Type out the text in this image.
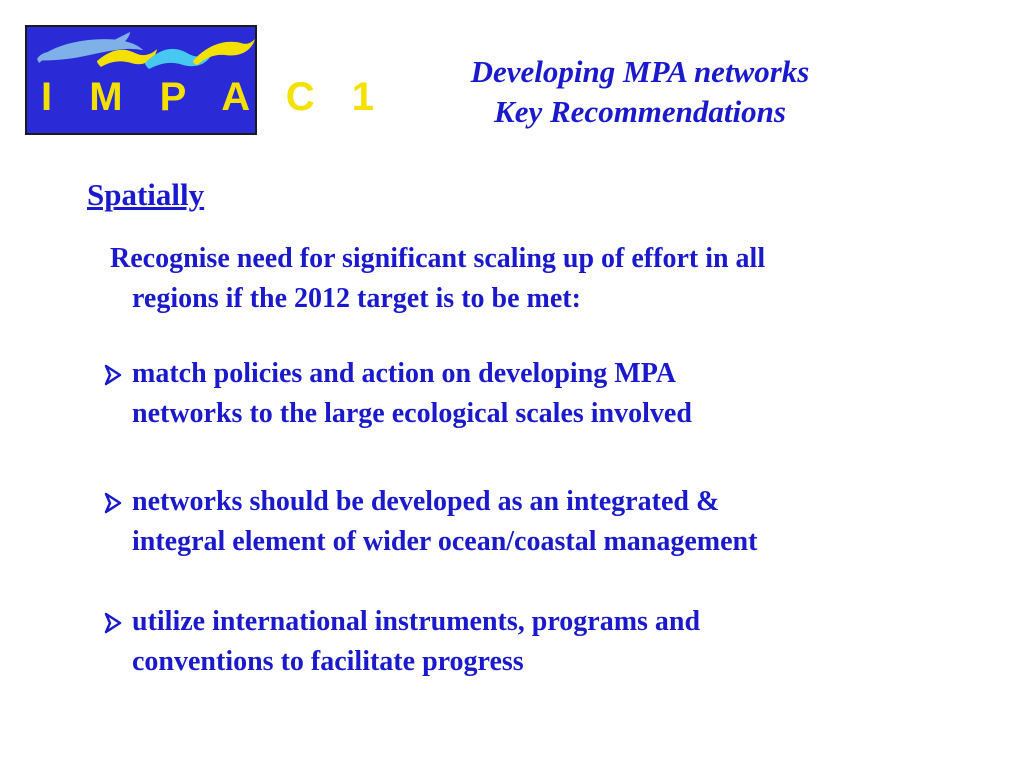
I M P A C 1
Developing MPA networks
Key Recommendations
Spatially
Recognise need for significant scaling up of effort in all
regions if the 2012 target is to be met:
match policies and action on developing MPA
networks to the large ecological scales involved
networks should be developed as an integrated &
integral element of wider ocean/coastal management
utilize international instruments, programs and
conventions to facilitate progress
